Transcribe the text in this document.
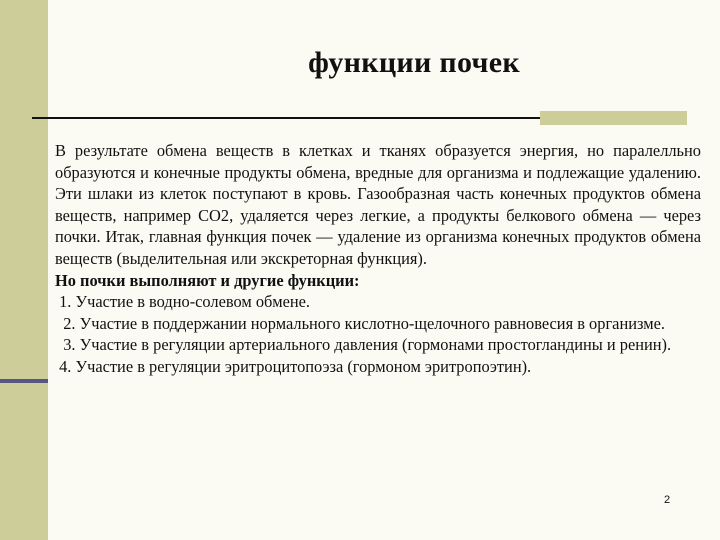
функции почек

В результате обмена веществ в клетках и тканях образуется энергия, но паралелльно образуются и конечные продукты обмена, вредные для организма и подлежащие удалению. Эти шлаки из клеток поступают в кровь. Газообразная часть конечных продуктов обмена веществ, например СО2, удаляется через легкие, а продукты белкового обмена — через почки. Итак, главная функция почек — удаление из организма конечных продуктов обмена веществ (выделительная или экскреторная функция).

Но почки выполняют и другие функции:

1. Участие в водно-солевом обмене.

2. Участие в поддержании нормального кислотно-щелочного равновесия в организме.

3. Участие в регуляции артериального давления (гормонами простогландины и ренин).

4. Участие в регуляции эритроцитопоэза (гормоном эритропоэтин).

2
